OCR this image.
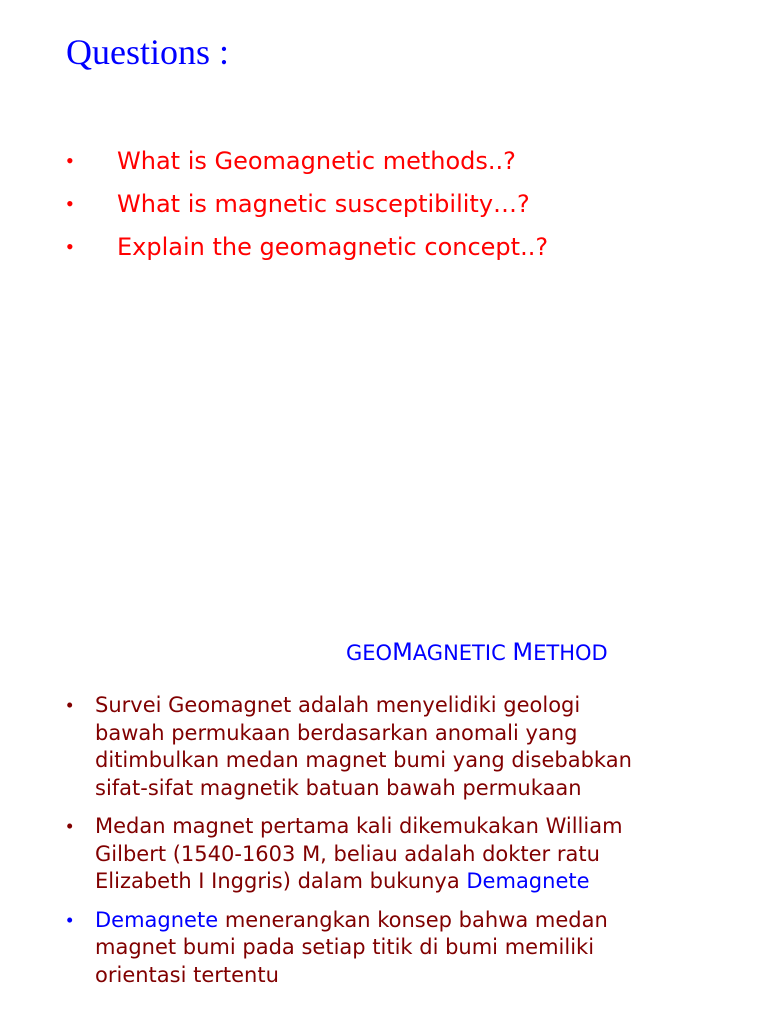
Questions :
• What is Geomagnetic methods..?
• What is magnetic susceptibility…?
• Explain the geomagnetic concept..?
GEOMAGNETIC METHOD
• Survei Geomagnet adalah menyelidiki geologi
bawah permukaan berdasarkan anomali yang
ditimbulkan medan magnet bumi yang disebabkan
sifat-sifat magnetik batuan bawah permukaan
• Medan magnet pertama kali dikemukakan William
Gilbert (1540-1603 M, beliau adalah dokter ratu
Elizabeth I Inggris) dalam bukunya Demagnete
• Demagnete menerangkan konsep bahwa medan
magnet bumi pada setiap titik di bumi memiliki
orientasi tertentu
